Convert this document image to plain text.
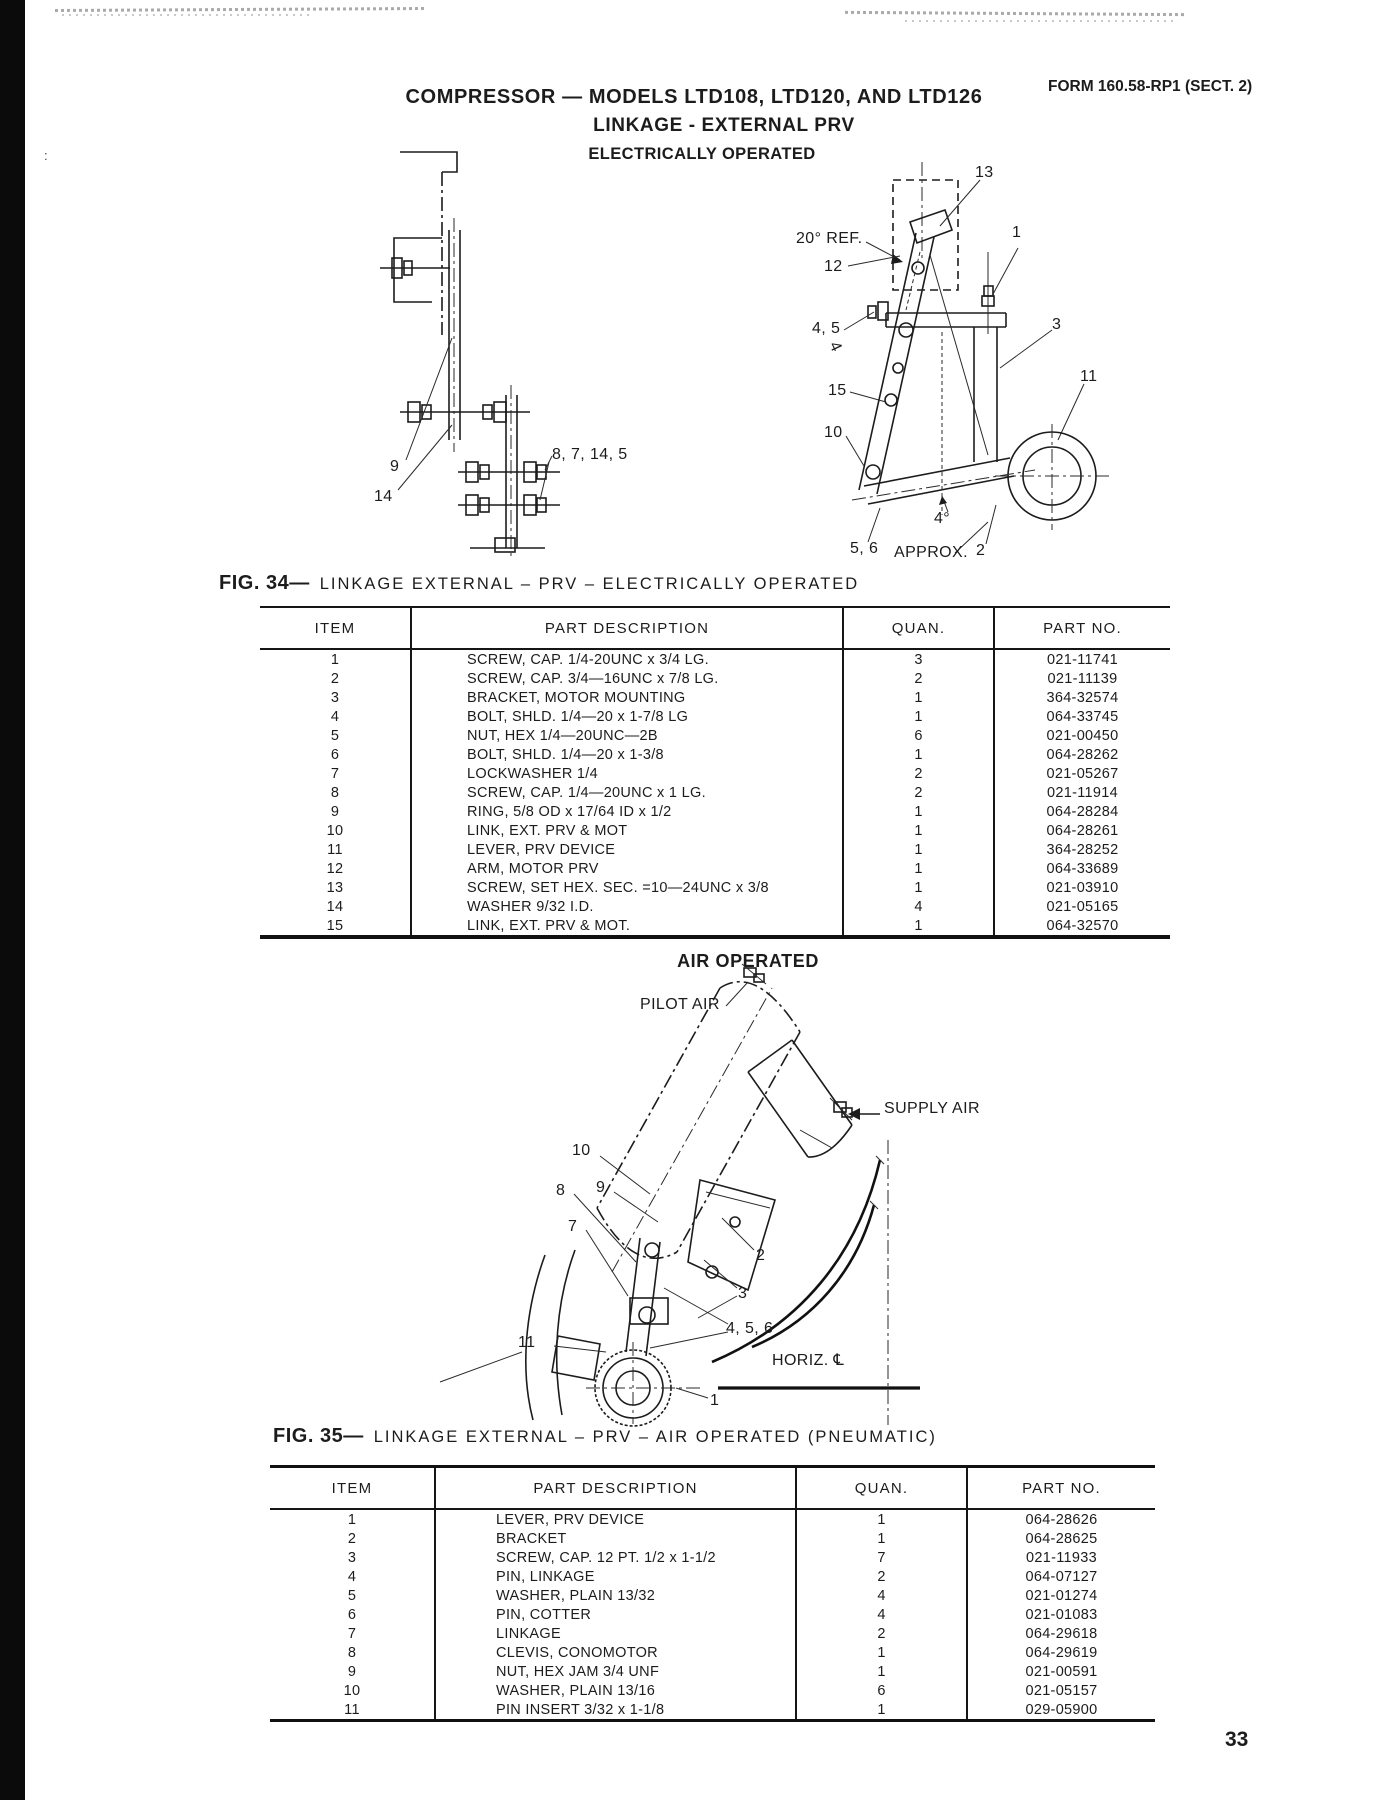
:
COMPRESSOR — MODELS LTD108, LTD120, AND LTD126	FORM 160.58-RP1 (SECT. 2)
LINKAGE - EXTERNAL PRV
ELECTRICALLY OPERATED
9
14
8, 7, 14, 5
13
20° REF.
12
1
4, 5
4
3
15
10
11
4°
APPROX.
5, 6	2
FIG. 34— LINKAGE EXTERNAL – PRV – ELECTRICALLY OPERATED
ITEM	PART DESCRIPTION	QUAN.	PART NO.
1	SCREW, CAP. 1/4-20UNC x 3/4 LG.	3	021-11741
2	SCREW, CAP. 3/4—16UNC x 7/8 LG.	2	021-11139
3	BRACKET, MOTOR MOUNTING	1	364-32574
4	BOLT, SHLD. 1/4—20 x 1-7/8 LG	1	064-33745
5	NUT, HEX 1/4—20UNC—2B	6	021-00450
6	BOLT, SHLD. 1/4—20 x 1-3/8	1	064-28262
7	LOCKWASHER 1/4	2	021-05267
8	SCREW, CAP. 1/4—20UNC x 1 LG.	2	021-11914
9	RING, 5/8 OD x 17/64 ID x 1/2	1	064-28284
10	LINK, EXT. PRV & MOT	1	064-28261
11	LEVER, PRV DEVICE	1	364-28252
12	ARM, MOTOR PRV	1	064-33689
13	SCREW, SET HEX. SEC. =10—24UNC x 3/8	1	021-03910
14	WASHER 9/32 I.D.	4	021-05165
15	LINK, EXT. PRV & MOT.	1	064-32570
AIR OPERATED
PILOT AIR
SUPPLY AIR
10
8 9
7
2
3
4, 5, 6
11
HORIZ. ℄
1
FIG. 35— LINKAGE EXTERNAL – PRV – AIR OPERATED (PNEUMATIC)
ITEM	PART DESCRIPTION	QUAN.	PART NO.
1	LEVER, PRV DEVICE	1	064-28626
2	BRACKET	1	064-28625
3	SCREW, CAP. 12 PT. 1/2 x 1-1/2	7	021-11933
4	PIN, LINKAGE	2	064-07127
5	WASHER, PLAIN 13/32	4	021-01274
6	PIN, COTTER	4	021-01083
7	LINKAGE	2	064-29618
8	CLEVIS, CONOMOTOR	1	064-29619
9	NUT, HEX JAM 3/4 UNF	1	021-00591
10	WASHER, PLAIN 13/16	6	021-05157
11	PIN INSERT 3/32 x 1-1/8	1	029-05900
33
